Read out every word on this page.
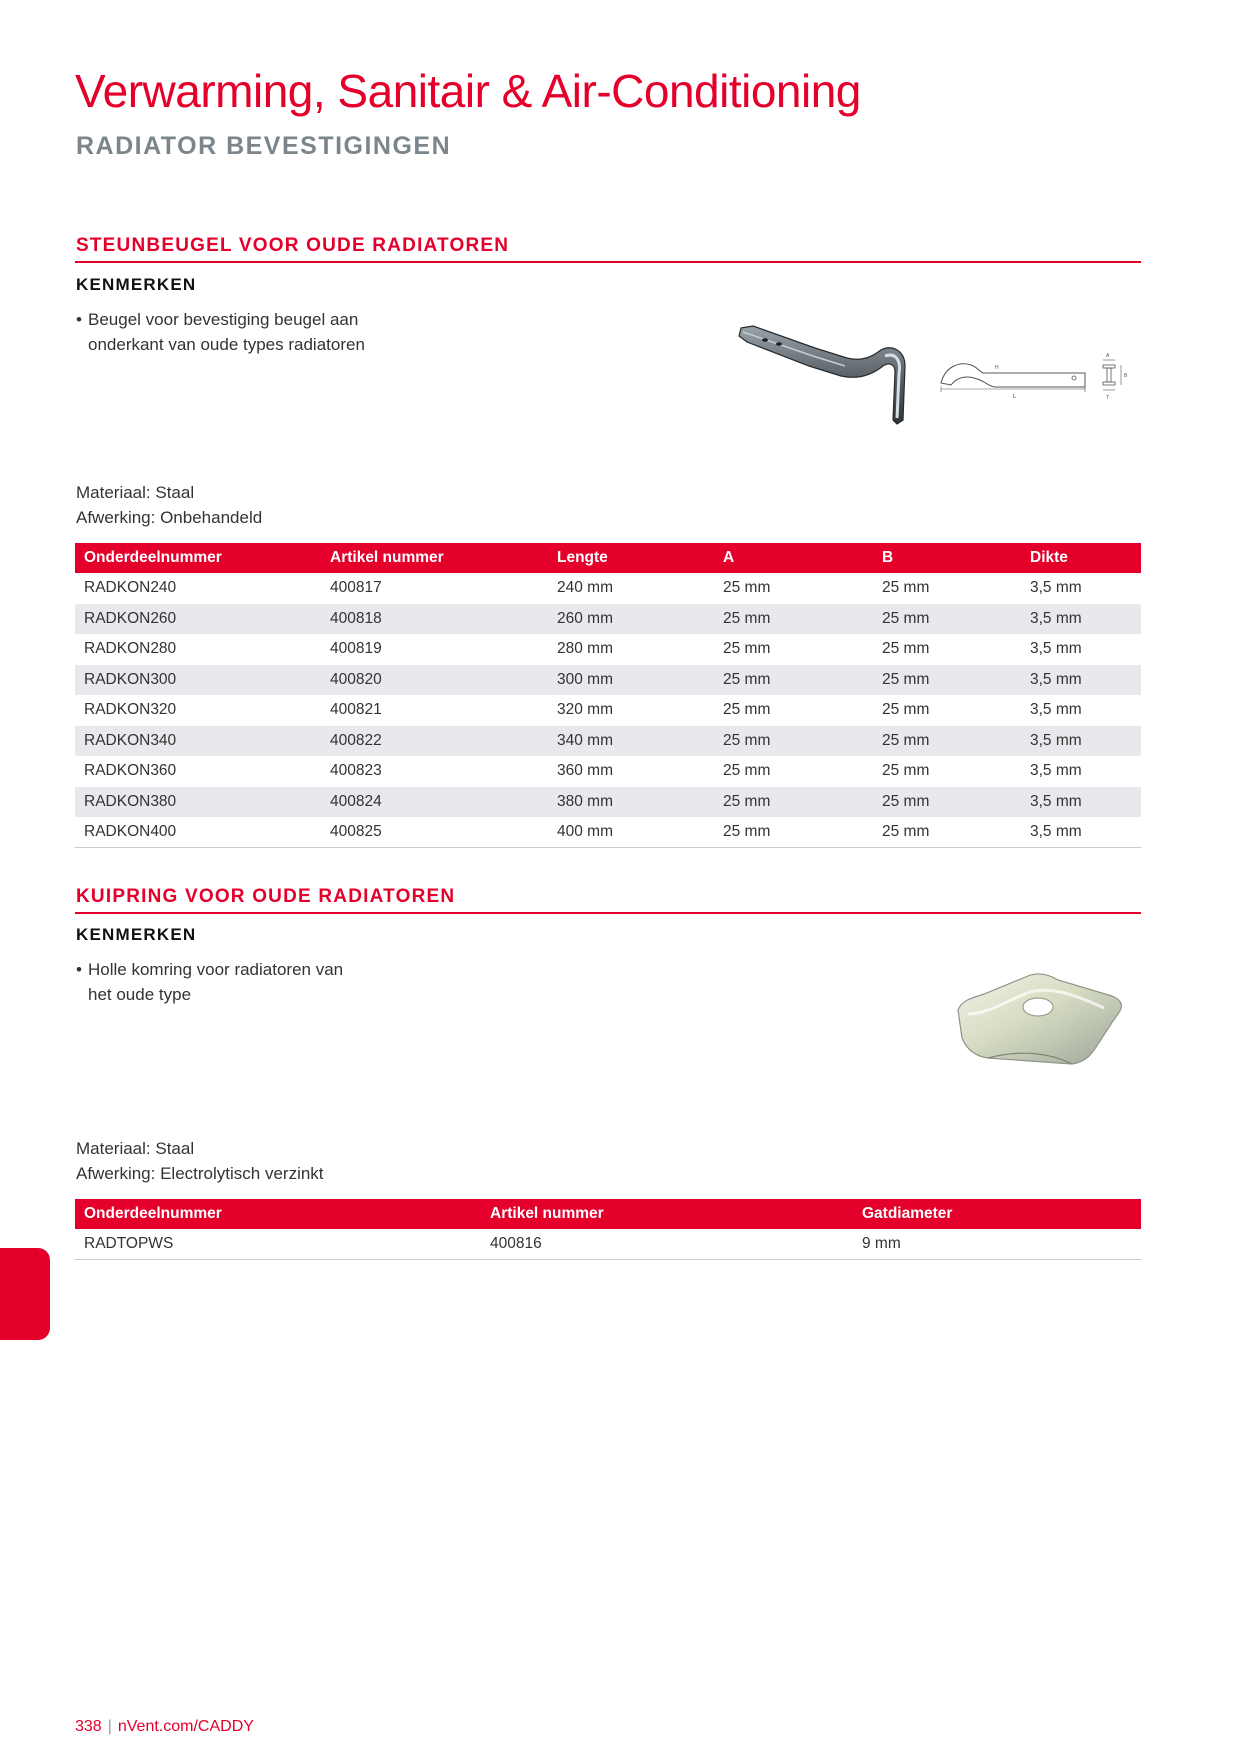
Verwarming, Sanitair & Air-Conditioning
RADIATOR BEVESTIGINGEN
STEUNBEUGEL VOOR OUDE RADIATOREN
KENMERKEN
• Beugel voor bevestiging beugel aan onderkant van oude types radiatoren
L
H
A
B
T
Materiaal: Staal
Afwerking: Onbehandeld
Onderdeelnummer	Artikel nummer	Lengte	A	B	Dikte
RADKON240	400817	240 mm	25 mm	25 mm	3,5 mm
RADKON260	400818	260 mm	25 mm	25 mm	3,5 mm
RADKON280	400819	280 mm	25 mm	25 mm	3,5 mm
RADKON300	400820	300 mm	25 mm	25 mm	3,5 mm
RADKON320	400821	320 mm	25 mm	25 mm	3,5 mm
RADKON340	400822	340 mm	25 mm	25 mm	3,5 mm
RADKON360	400823	360 mm	25 mm	25 mm	3,5 mm
RADKON380	400824	380 mm	25 mm	25 mm	3,5 mm
RADKON400	400825	400 mm	25 mm	25 mm	3,5 mm
KUIPRING VOOR OUDE RADIATOREN
KENMERKEN
• Holle komring voor radiatoren van het oude type
Materiaal: Staal
Afwerking: Electrolytisch verzinkt
Onderdeelnummer	Artikel nummer	Gatdiameter
RADTOPWS	400816	9 mm
338 | nVent.com/CADDY
